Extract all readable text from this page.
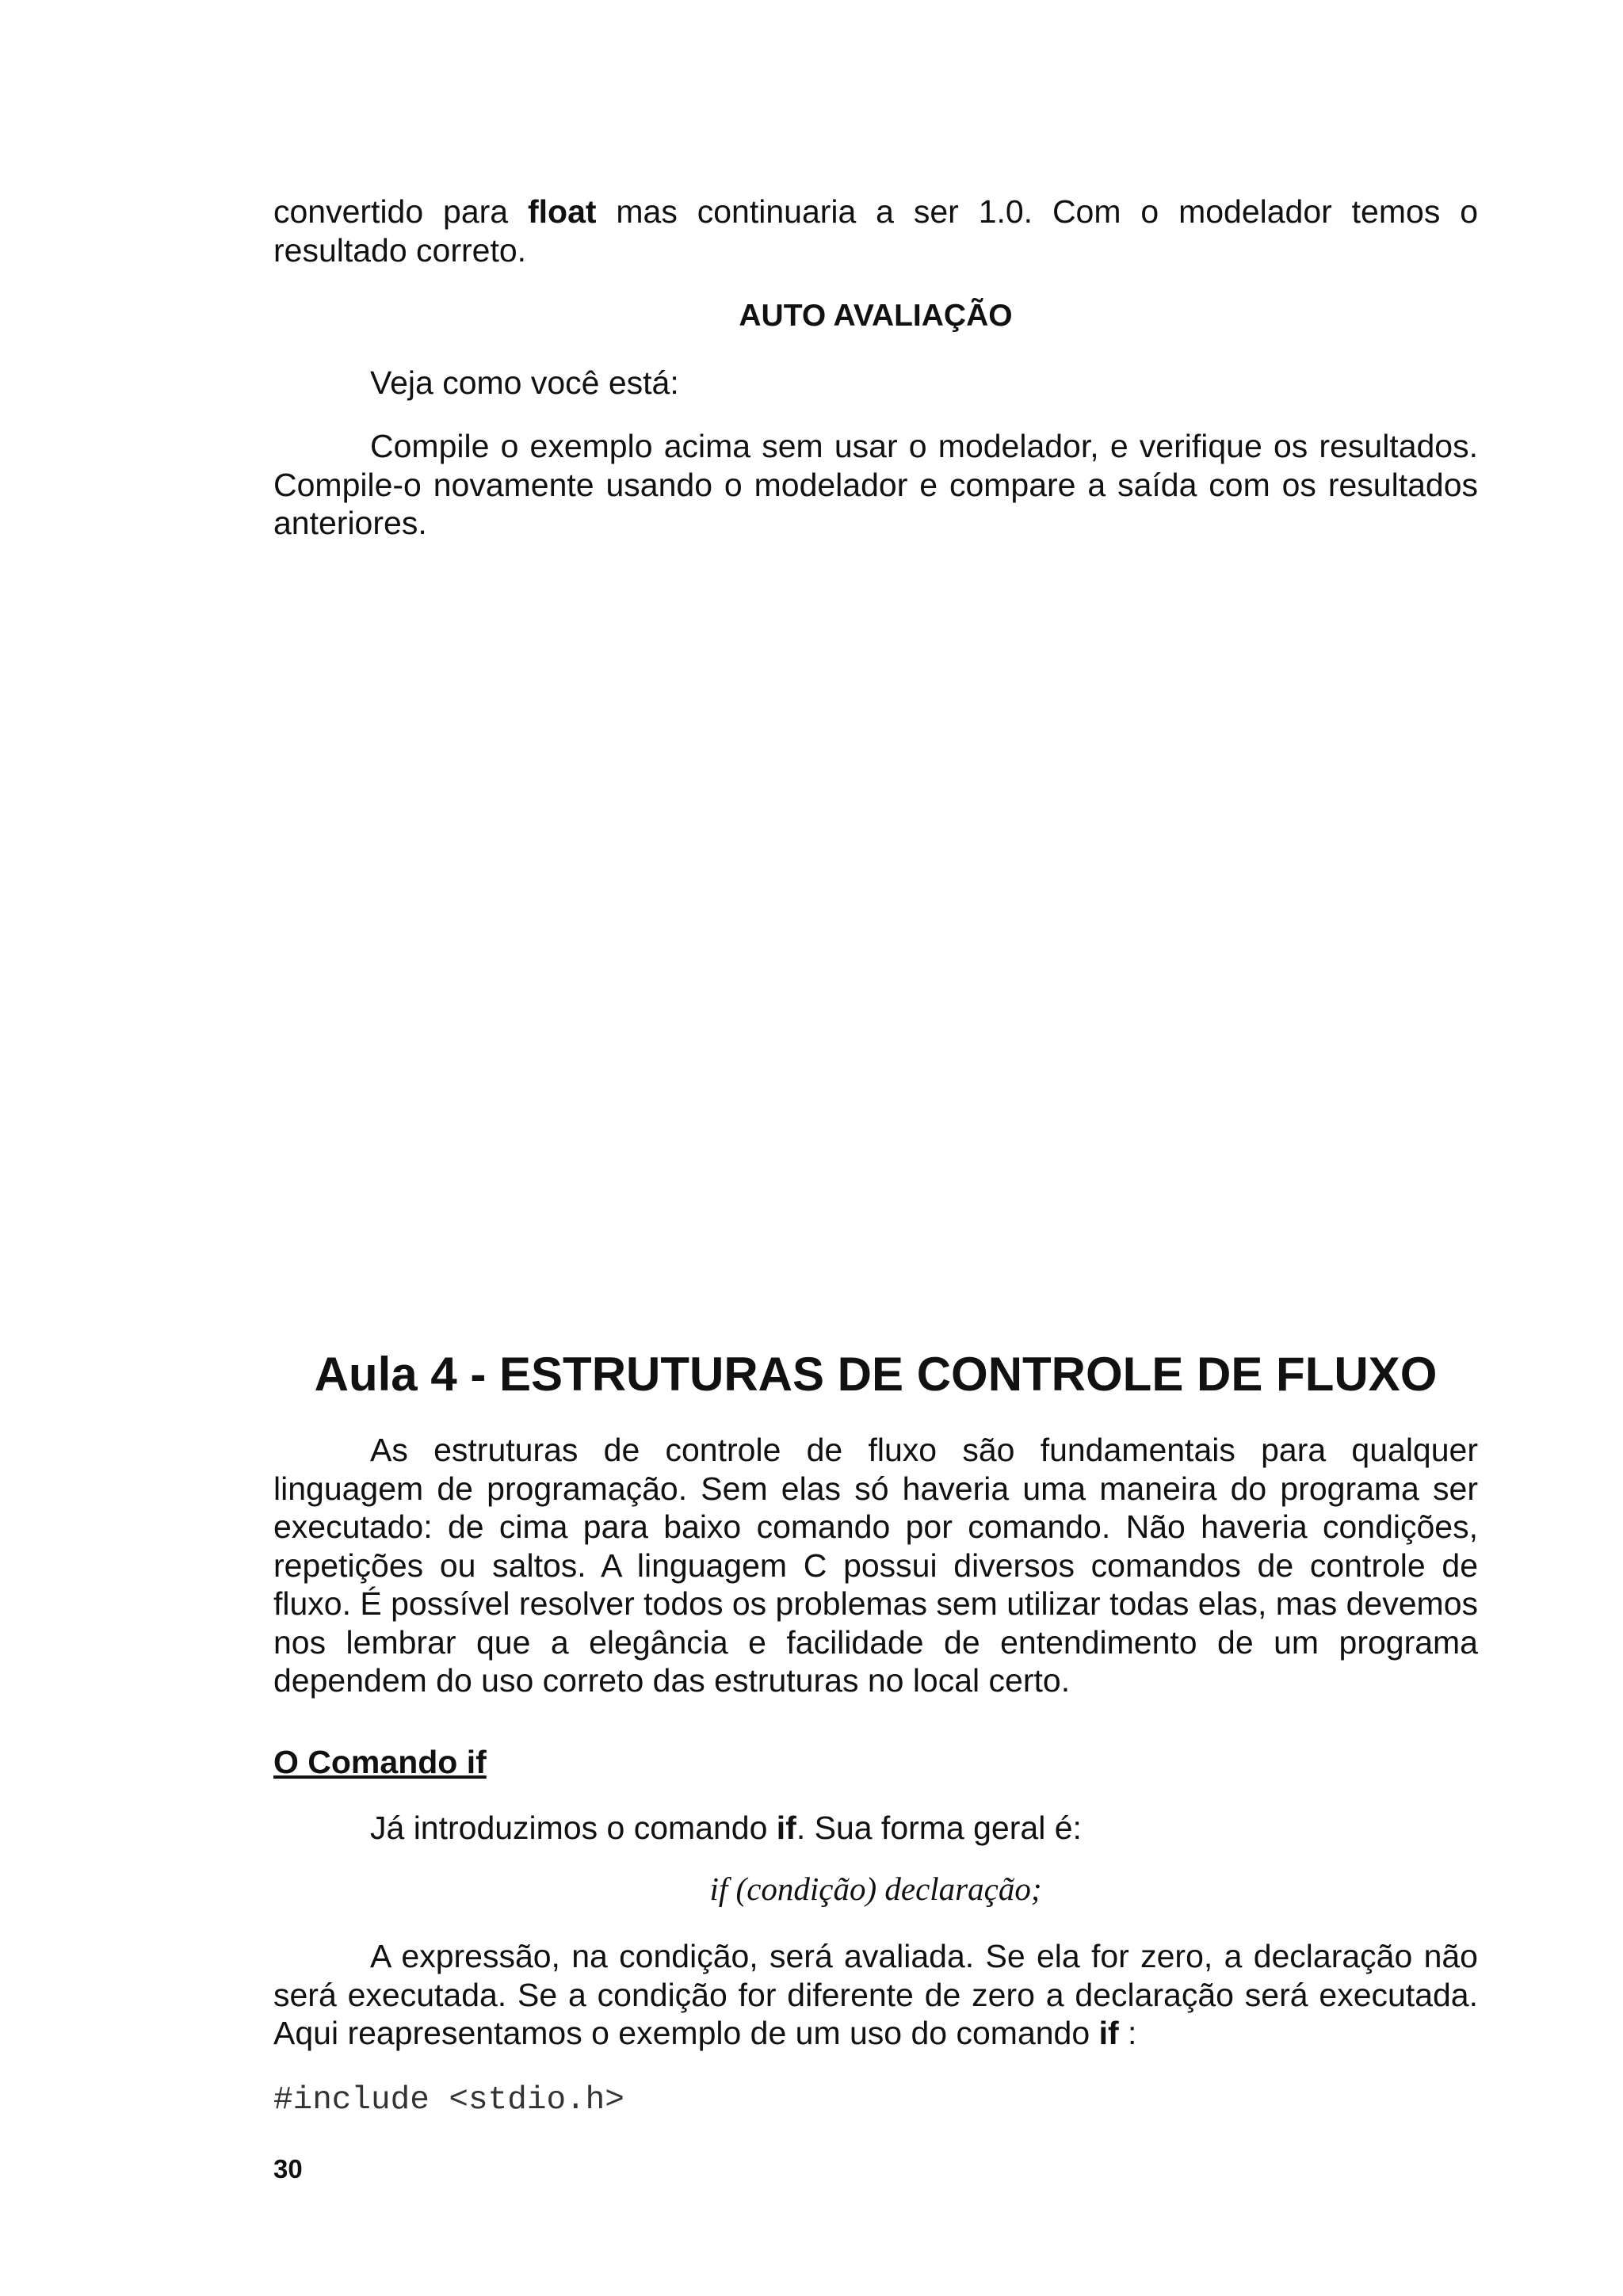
convertido para float mas continuaria a ser 1.0. Com o modelador temos o resultado correto.

AUTO AVALIAÇÃO

Veja como você está:

Compile o exemplo acima sem usar o modelador, e verifique os resultados. Compile-o novamente usando o modelador e compare a saída com os resultados anteriores.

Aula 4 - ESTRUTURAS DE CONTROLE DE FLUXO

As estruturas de controle de fluxo são fundamentais para qualquer linguagem de programação. Sem elas só haveria uma maneira do programa ser executado: de cima para baixo comando por comando. Não haveria condições, repetições ou saltos. A linguagem C possui diversos comandos de controle de fluxo. É possível resolver todos os problemas sem utilizar todas elas, mas devemos nos lembrar que a elegância e facilidade de entendimento de um programa dependem do uso correto das estruturas no local certo.

O Comando if

Já introduzimos o comando if. Sua forma geral é:

if (condição) declaração;

A expressão, na condição, será avaliada. Se ela for zero, a declaração não será executada. Se a condição for diferente de zero a declaração será executada. Aqui reapresentamos o exemplo de um uso do comando if :

#include <stdio.h>
30
